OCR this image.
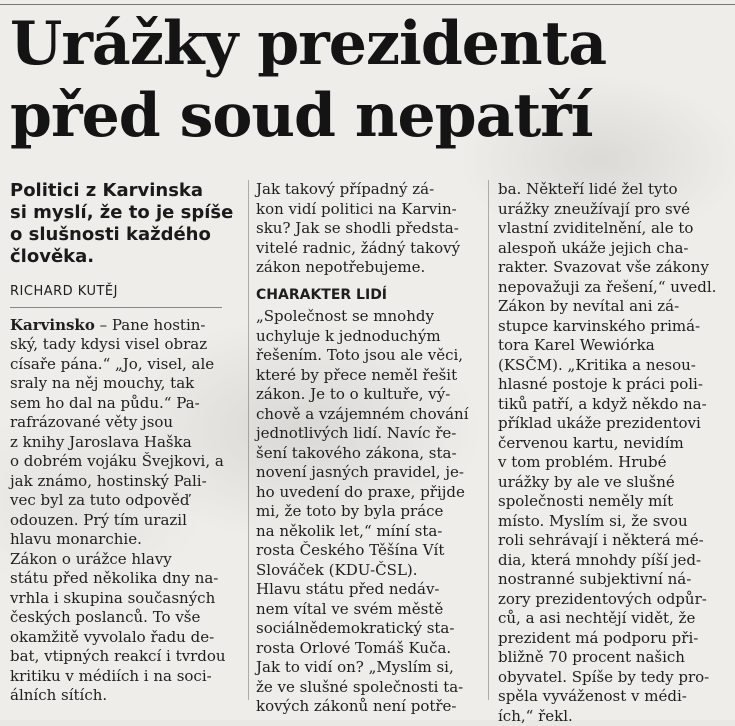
Urážky prezidenta
před soud nepatří

Politici z Karvinska
si myslí, že to je spíše
o slušnosti každého
člověka.

RICHARD KUTĚJ
Karvinsko – Pane hostin-
ský, tady kdysi visel obraz
císaře pána.“ „Jo, visel, ale
sraly na něj mouchy, tak
sem ho dal na půdu.“ Pa-
rafrázované věty jsou
z knihy Jaroslava Haška
o dobrém vojáku Švejkovi, a
jak známo, hostinský Pali-
vec byl za tuto odpověď
odouzen. Prý tím urazil
hlavu monarchie.
Zákon o urážce hlavy
státu před několika dny na-
vrhla i skupina současných
českých poslanců. To vše
okamžitě vyvolalo řadu de-
bat, vtipných reakcí i tvrdou
kritiku v médiích i na soci-
álních sítích.
Jak takový případný zá-
kon vidí politici na Karvin-
sku? Jak se shodli předsta-
vitelé radnic, žádný takový
zákon nepotřebujeme.
CHARAKTER LIDÍ
„Společnost se mnohdy
uchyluje k jednoduchým
řešením. Toto jsou ale věci,
které by přece neměl řešit
zákon. Je to o kultuře, vý-
chově a vzájemném chování
jednotlivých lidí. Navíc ře-
šení takového zákona, sta-
novení jasných pravidel, je-
ho uvedení do praxe, přijde
mi, že toto by byla práce
na několik let,“ míní sta-
rosta Českého Těšína Vít
Slováček (KDU-ČSL).
Hlavu státu před nedáv-
nem vítal ve svém městě
sociálnědemokratický sta-
rosta Orlové Tomáš Kuča.
Jak to vidí on? „Myslím si,
že ve slušné společnosti ta-
kových zákonů není potře-
ba. Někteří lidé žel tyto
urážky zneužívají pro své
vlastní zviditelnění, ale to
alespoň ukáže jejich cha-
rakter. Svazovat vše zákony
nepovažuji za řešení,“ uvedl.
Zákon by nevítal ani zá-
stupce karvinského primá-
tora Karel Wewiórka
(KSČM). „Kritika a nesou-
hlasné postoje k práci poli-
tiků patří, a když někdo na-
příklad ukáže prezidentovi
červenou kartu, nevidím
v tom problém. Hrubé
urážky by ale ve slušné
společnosti neměly mít
místo. Myslím si, že svou
roli sehrávají i některá mé-
dia, která mnohdy píší jed-
nostranné subjektivní ná-
zory prezidentových odpůr-
ců, a asi nechtějí vidět, že
prezident má podporu při-
bližně 70 procent našich
obyvatel. Spíše by tedy pro-
spěla vyváženost v médi-
ích,“ řekl.
